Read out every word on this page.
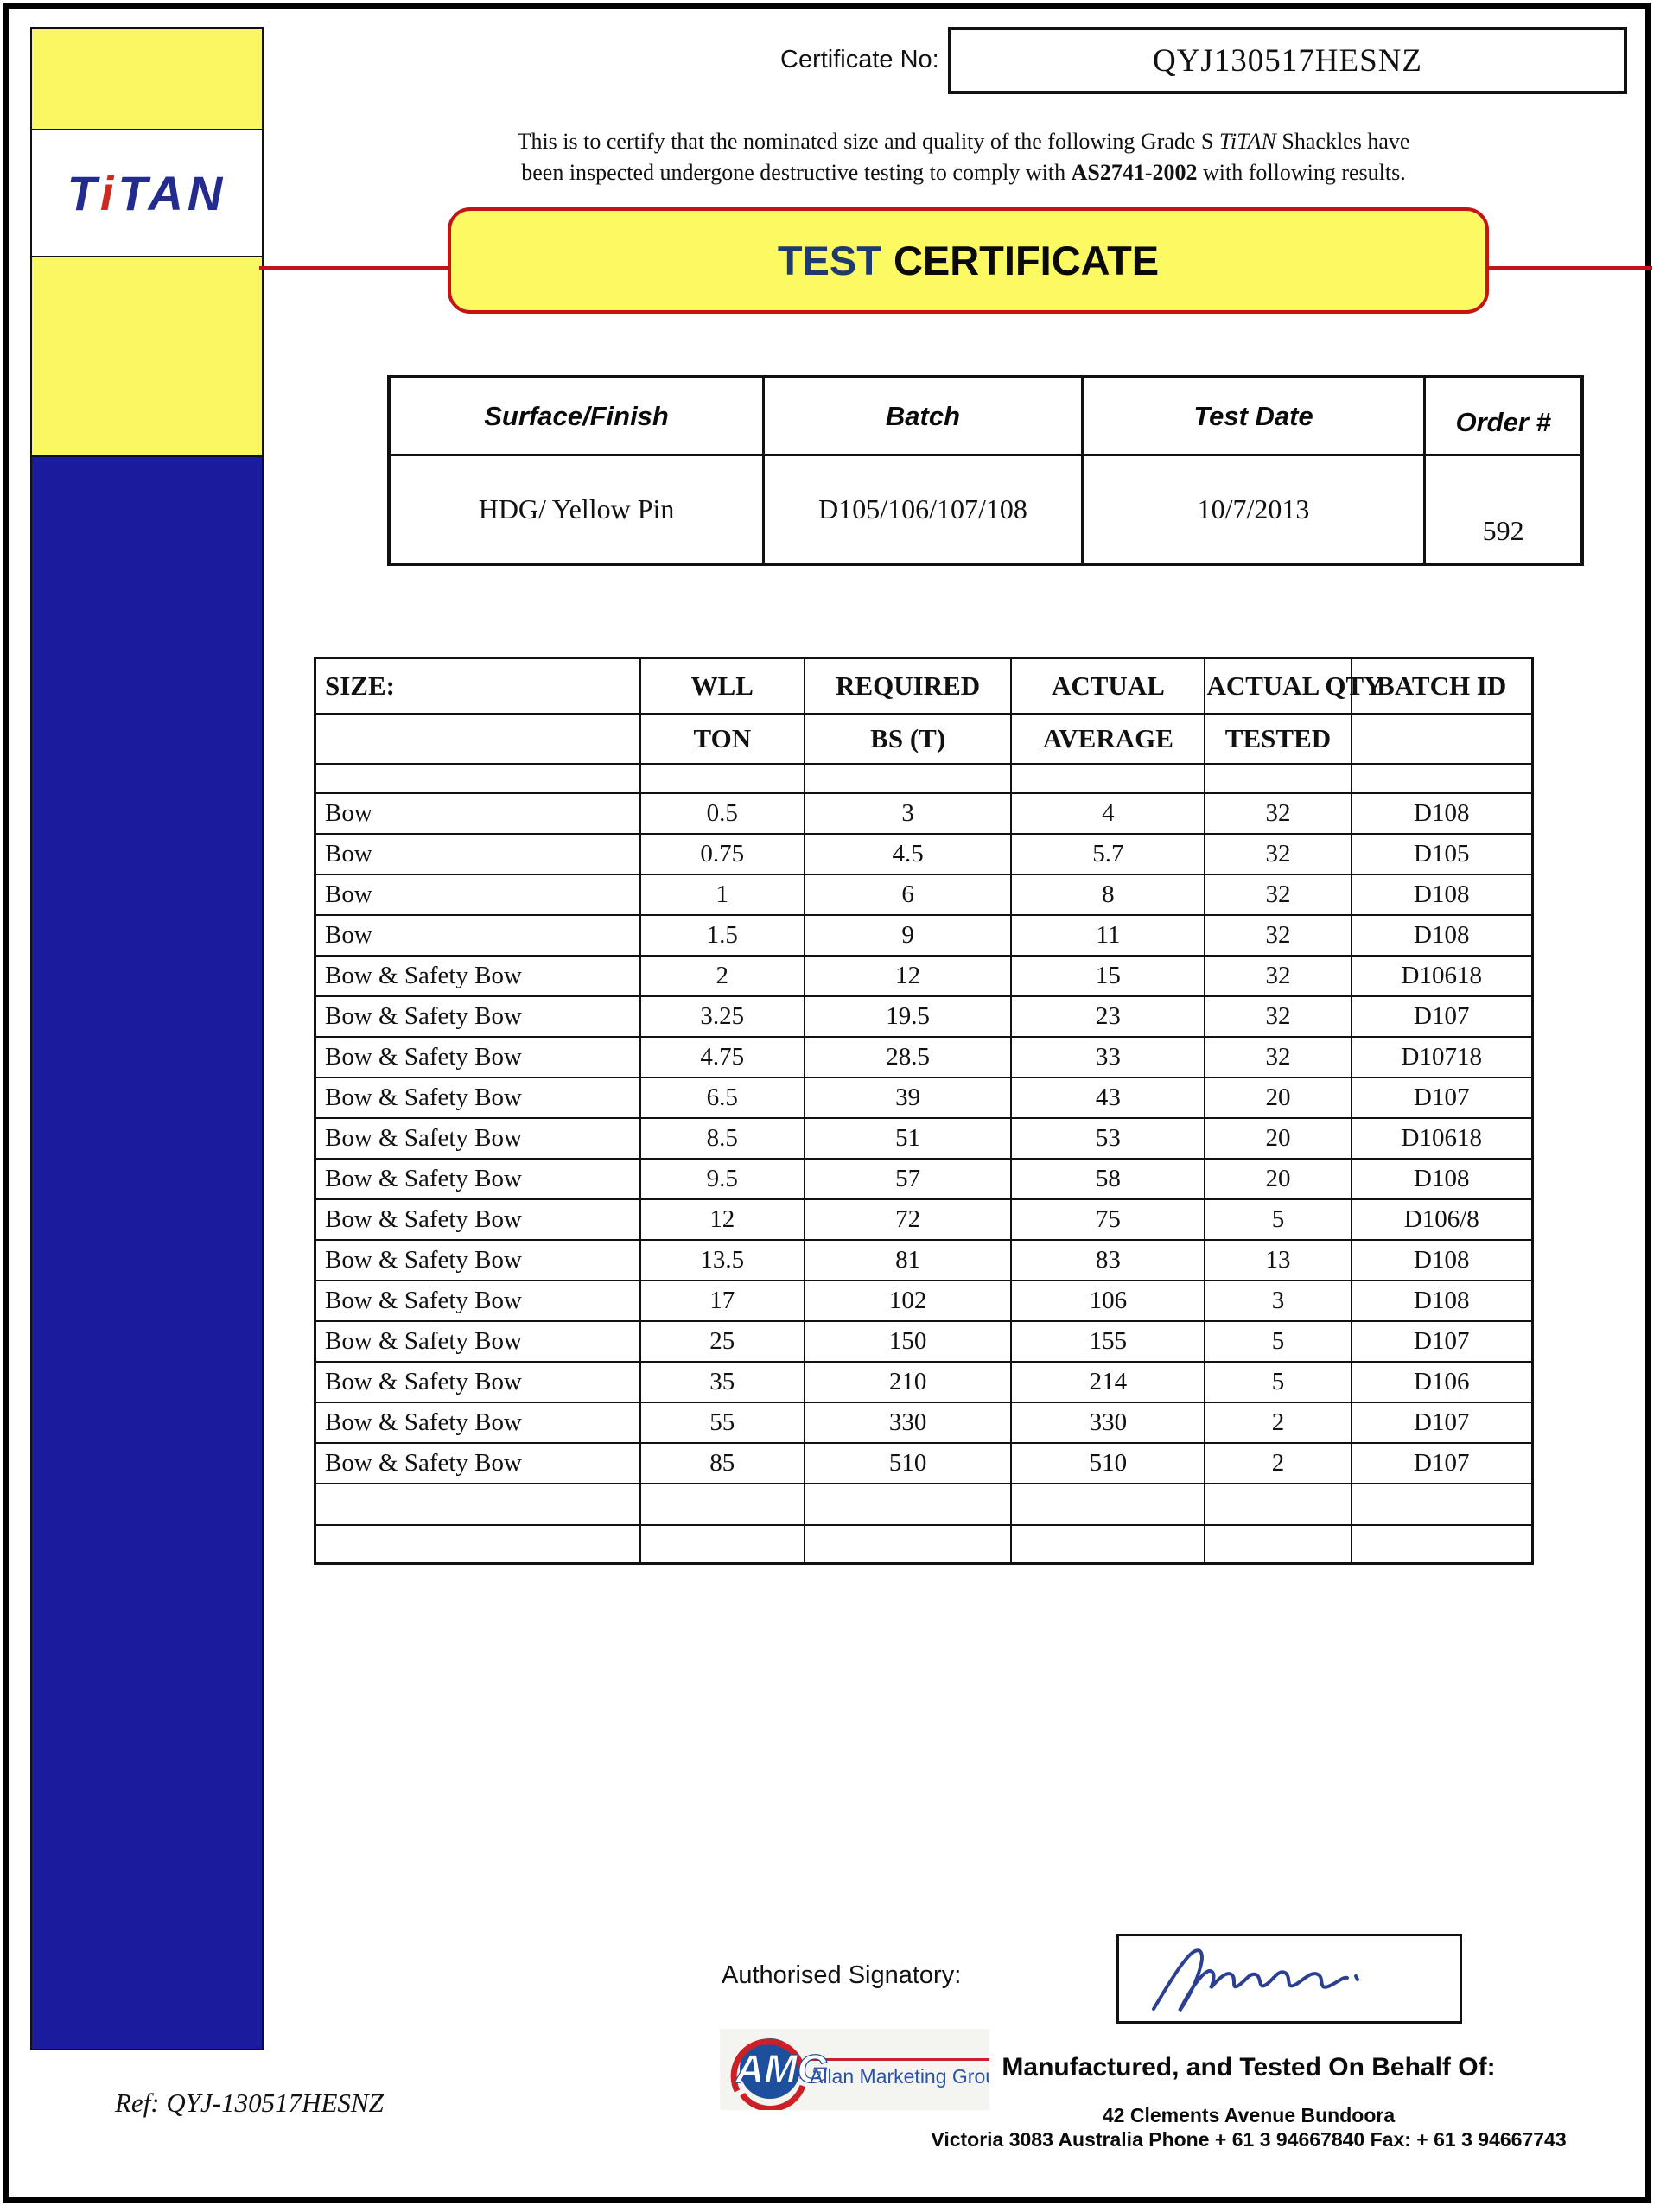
TiTAN
Certificate No:	QYJ130517HESNZ
This is to certify that the nominated size and quality of the following Grade S TiTAN Shackles have
been inspected undergone destructive testing to comply with AS2741-2002 with following results.
TEST CERTIFICATE
Surface/Finish	Batch	Test Date	Order #
HDG/ Yellow Pin	D105/106/107/108	10/7/2013	592
SIZE:	WLL	REQUIRED	ACTUAL	ACTUAL QTY	BATCH ID
	TON	BS (T)	AVERAGE	TESTED	

Bow	0.5	3	4	32	D108
Bow	0.75	4.5	5.7	32	D105
Bow	1	6	8	32	D108
Bow	1.5	9	11	32	D108
Bow & Safety Bow	2	12	15	32	D10618
Bow & Safety Bow	3.25	19.5	23	32	D107
Bow & Safety Bow	4.75	28.5	33	32	D10718
Bow & Safety Bow	6.5	39	43	20	D107
Bow & Safety Bow	8.5	51	53	20	D10618
Bow & Safety Bow	9.5	57	58	20	D108
Bow & Safety Bow	12	72	75	5	D106/8
Bow & Safety Bow	13.5	81	83	13	D108
Bow & Safety Bow	17	102	106	3	D108
Bow & Safety Bow	25	150	155	5	D107
Bow & Safety Bow	35	210	214	5	D106
Bow & Safety Bow	55	330	330	2	D107
Bow & Safety Bow	85	510	510	2	D107

Authorised Signatory:
AMG
Allan Marketing Group
Manufactured, and Tested On Behalf Of:
42 Clements Avenue Bundoora
Victoria 3083 Australia Phone + 61 3 94667840 Fax: + 61 3 94667743
Ref: QYJ-130517HESNZ
